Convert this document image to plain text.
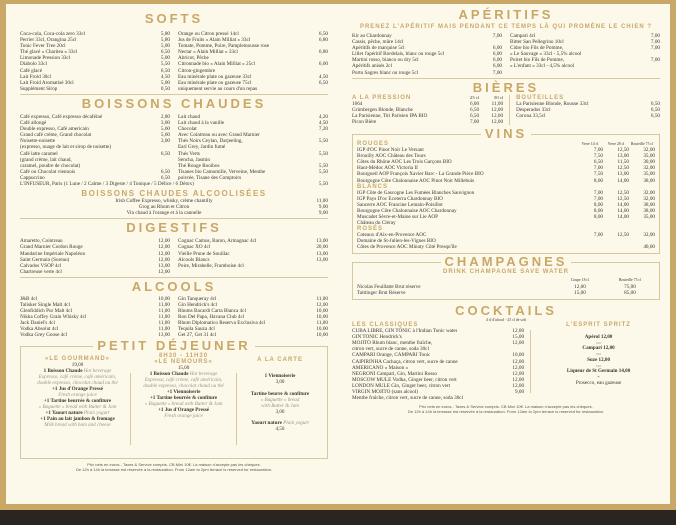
SOFTS
Coca-cola, Coca-cola zero 33cl	5,80
Perrier 33cl, Orangina 25cl	5,80
Tonic Fever Tree 20cl	5,00
Thé glacé « Charitea » 33cl	6,50
Limonade Pression 33cl	5,00
Diabolo 33cl	5,50
Café glacé	6,50
Lait Froid 30cl	4,50
Lait Froid Aromatisé 30cl	5,00
Supplément Sirop	0,50
Orange ou Citron pressé 14cl	6,50
Jus de Fruits « Alain Milliat » 33cl	6,80
Tomate, Pomme, Poire, Pamplemousse rose
Nectar « Alain Milliat » 33cl	6,80
Abricot, Pêche
Citronnade bio « Alain Milliat » 25cl	6,00
Citron-gingembre
Eau minérale plate ou gazeuse 33cl	4,50
Eau minérale plate ou gazeuse 75cl	6,50
uniquement servie au cours d'un repas
BOISSONS CHAUDES
Café expresso, Café expresso décaféiné	2,80
Café allongé	3,00
Double expresso, Café americain	5,60
Grand café crème, Grand chocolat	5,60
Noisette-noisette	3,00
(expresso, nuage de lait et sirop de noisette)
Café latte caramel	6,50
(grand crème, lait chaud,
caramel, poudre de chocolat)
Café ou Chocolat viennois	6,50
Cappuccino	6,50
Lait chaud	4,20
Lait chaud à la vanille	4,50
Chocolat	7,20
Avec Cointreau ou avec Grand Marnier
Thés Noirs Ceylan, Darjeeling,	5,50
Earl Grey, Jardin fumé
Thés Verts	5,50
Sencha, Jasmin
Thé Rouge Rooibos	5,50
Tisanes bio Camomille, Verveine, Menthe	5,50
poivrée, Tisane des Comptoirs
L'INFUSEUR, Paris (1 Lune / 2 Calme / 3 Digeste / 4 Tonique / 5 Délice / 6 Détox)	5,50
BOISSONS CHAUDES ALCOOLISÉES
Irish Coffee Expresso, whisky, crème chantilly	11,00
Grog au Rhum et Citron	9,00
Vin chaud à l'orange et à la cannelle	9,00
DIGESTIFS
Amaretto, Cointreau	12,00
Grand Marnier Cordon Rouge	12,00
Mandarine Impériale Napoléon	12,00
Saint Germain (Sureau)	12,00
Calvados VSOP 4cl	13,00
Chartreuse verte 4cl	12,00
Cognac Camus, Baron, Armagnac 4cl	13,00
Cognac XO 4cl	20,00
Vieille Prune de Souillac	13,00
Alcools Blancs	13,00
Poire, Mirabelle, Framboise 4cl
ALCOOLS
J&B 4cl	10,00
Talisker Single Malt 4cl	11,00
Glenfiddich Pur Malt 4cl	11,00
Nikka Coffey Grain Whisky 4cl	11,00
Jack Daniel's 4cl	11,00
Vodka Absolut 4cl	11,00
Vodka Grey Goose 4cl	13,00
Gin Tanqueray 4cl	11,00
Gin Hendrick's 4cl	12,00
Rhums Bacardi Carta Blanca 4cl	10,00
Ron Del Papa, Havana Club 4cl	10,00
Rhum Diplomatico Reserva Exclusiva 4cl	11,00
Tequila Sauza 4cl	10,00
Get 27, Get 31 4cl	10,00
PETIT DÉJEUNER
«LE GOURMAND»
19,00
1 Boisson Chaude Hot beverage
Expresso, café crème, café américain,
double expresso, chocolat chaud ou thé
+1 Jus d'Orange Pressé
Fresh orange juice
+1 Tartine beurrée & confiture
« Baguette » bread with Butter & Jam
+1 Yaourt nature Plain yogurt
+1 Pain au lait jambon & fromage
Milk bread with ham and cheese
8H30 - 11H30
«LE NEMOURS»
15,00
1 Boisson Chaude Hot beverage
Expresso, café crème, café américain,
double expresso, chocolat chaud ou thé
+1 Viennoiserie
+1 Tartine beurrée & confiture
« Baguette » bread with Butter & Jam
+1 Jus d'Orange Pressé
Fresh orange juice
A LA CARTE
1 Viennoiserie
3,00
Tartine beurre & confiture
« Baguette » bread
with Butter & Jam
3,00
Yaourt nature Plain yogurt
4,50
Prix nets en euros - Taxes & Service compris. CB Mini 10€. La maison n'accepte pas les chèques.
De 12h à 14h la terrasse est réservée à la restauration. From 12am to 2pm terrace is reserved for restauration.
APÉRITIFS
PRENEZ L'APÉRITIF MAIS PENDANT CE TEMPS LÀ QUI PROMÈNE LE CHIEN ?
Kir au Chardonnay	7,00
Cassis, pêche, mûre 14cl
Apéritifs de marquise 5cl	6,00
Lillet l'apéritif Bordelais, blanc ou rouge 5cl	6,00
Martini rosso, bianco ou dry 5cl	6,00
Apéritifs anisés 2cl	6,00
Porto Sagres blanc ou rouge 5cl	7,00
Campari 4cl	7,00
Bitter San Pellegrino 10cl	7,00
Cidre bio Fils de Pomme,	7,00
« Le Sauvage » 33cl - 5,5% alcool
Poiret bio Fils de Pomme,	7,00
« L'enfant » 33cl - 4,5% alcool
BIÈRES
A LA PRESSION	25 cl	50 cl
1664	6,00	11,00
Grimbergen Blonde, Blanche	6,50	12,00
La Parisienne, Titi Parisien IPA BIO	6,50	12,00
Picon Bière	7,00	12,00
BOUTEILLES
La Parisienne Blonde, Rousse 33cl	6,50
Desperados 33cl	6,50
Corona 33,5cl	6,50
VINS
ROUGES	Verre 14 cl	Verre 28 cl	Bouteille 75 cl
IGP d'OC Pinot Noir Le Versant	7,00	12,50	32,00
Brouilly AOC Château des Tours	7,50	13,00	35,00
Côtes du Rhône AOC Les Trois Garçons BIO	6,50	11,50	30,00
Haut-Médoc AOC Victoria II	7,00	12,50	32,00
Bourgueil AOP François Xavier Barc - La Grande Pièce BIO	7,50	13,00	35,00
Bourgogne Côte Chalonnaise AOC Pinot Noir Millebuis	8,00	14,00	38,00
BLANCS
IGP Côte de Gascogne Les Fumées Blanches Sauvignon	7,00	12,50	32,00
IGP Pays D'oc Ecoterra Chardonnay BIO	7,00	12,50	32,00
Sancerre AOC Francine Lemain-Poisillot	8,00	14,00	38,00
Bourgogne Côte Chalonnaise AOC Chardonnay	8,00	14,00	38,00
Muscadet Sèvre-et-Maine sur Lie AOP	8,00	14,00	35,00
Château du Cléray
ROSÉS
Coteaux d'Aix-en-Provence AOC	7,00	12,50	32,00
Domaine de St-Julien-les-Vignes BIO
Côtes de Provence AOC Minuty Côté Presqu'île	40,00
CHAMPAGNES
DRINK CHAMPAGNE SAVE WATER
Coupe 18 cl	Bouteille 75 cl
Nicolas Feuillatte Brut réserve	12,00	75,00
Taittinger Brut Réserve	15,00	85,00
COCKTAILS
4 cl d'alcool - 25 cl de soft
LES CLASSIQUES
CUBA LIBRE, GIN TONIC à l'Indian Tonic water	12,00
GIN TONIC Hendrick's	15,00
MOJITO Rhum blanc, menthe fraîche,	12,00
citron vert, sucre de canne, soda 30cl
CAMPARI Orange, CAMPARI Tonic	10,00
CAÏPIRINHA Cachaça, citron vert, sucre de canne	12,00
AMERICANO « Maison »	12,00
NEGRONI Campari, Gin, Martini Rosso	12,00
MOSCOW MULE Vodka, Ginger beer, citron vert	12,00
LONDON MULE Gin, Ginger beer, citron vert	12,00
VIRGIN MOJITO (sans alcool)	9,00
Menthe fraîche, citron vert, sucre de canne, soda 30cl
L'ESPRIT SPRITZ
Apérol 12,00
ou
Campari 12,00
ou
Suze 12,00
ou
Liqueur de St Germain 14,00
+
Prosecco, eau gazeuse
Prix nets en euros - Taxes & Service compris. CB Mini 10€. La maison n'accepte pas les chèques.
De 12h à 14h la terrasse est réservée à la restauration. From 12am to 2pm terrace is reserved for restauration.
